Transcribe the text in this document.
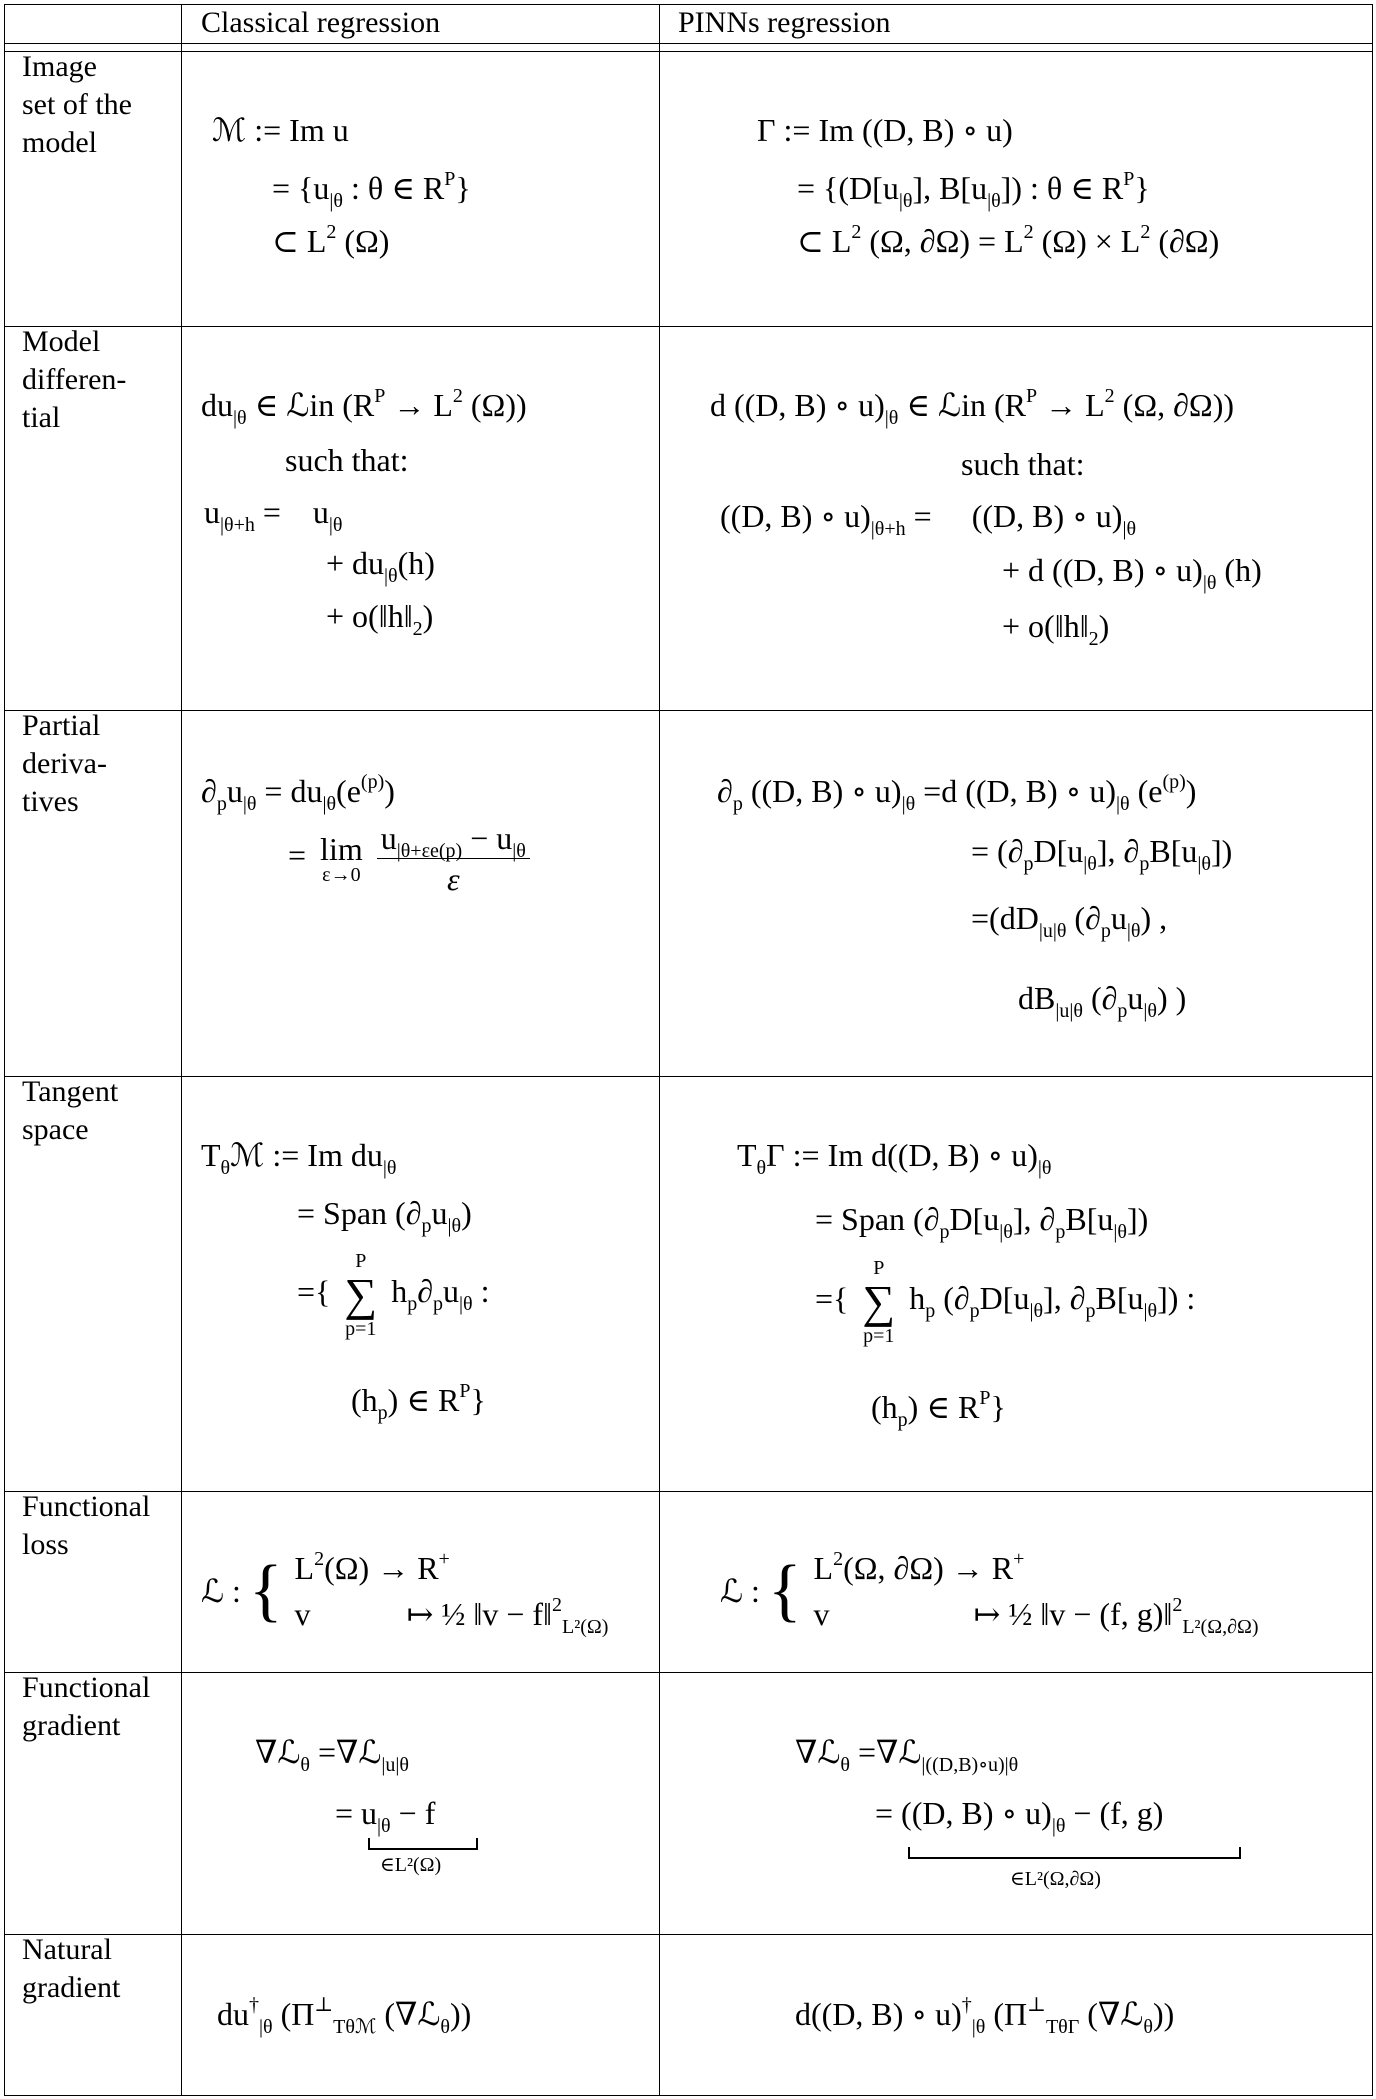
Classical regression	PINNs regression
Image
set of the
model
Model
differen-
tial
Partial
deriva-
tives
Tangent
space
Functional
loss
Functional
gradient
Natural
gradient
ℳ := Im u
= {$u_{|\theta}$ : θ ∈ $R^P$}
⊂ $L^2$ (Ω)
Γ := Im ((D, B) ∘ u)
= {($D[u_{|\theta}]$, $B[u_{|\theta}]$) : θ ∈ $R^P$}
⊂ $L^2$ (Ω, $\partial\Omega) = L^2$ $(\Omega) \times L^2$ (∂Ω)
$du_{|\theta}$ ∈ ℒin ($R^P \to L^2$ (Ω))
such that:
$u_{|\theta+h}$ =    $u_{|\theta}$
+ $du_{|\theta}(h)$
+ $o(‖h‖_2)$
d ((D, B) ∘ $u)_{|\theta}$ ∈ ℒin ($R^P \to L^2$ (Ω, ∂Ω))
such that:
((D, B) ∘ $u)_{|\theta+h}$ =     ((D, B) ∘ $u)_{|\theta}$
+ d ((D, B) ∘ $u)_{|\theta}$ (h)
+ $o(‖h‖_2)$
$\partial_pu_{|\theta} = du_{|\theta}(e^{(p)})$
= lim
ε→0
$\frac{u_{|\theta+\varepsilon e(p)} - u_{|\theta}}{\varepsilon}$
$\partial_p$ ((D, B) ∘ $u)_{|\theta} =d$ ((D, B) ∘ $u)_{|\theta}$ $(e^{(p)})$
= ($\partial_pD[u_{|\theta}]$, $\partial_pB[u_{|\theta}]$)
$=(dD_{|u|\theta}$ $(\partial_pu_{|\theta})$ ,
$dB_{|u|\theta}$ $(\partial_pu_{|\theta})$ )
$T_\theta ℳ$ := Im $du_{|\theta}$
= Span $(\partial_pu_{|\theta})$
={
P
∑
p=1
$h_p\partial_pu_{|\theta}$ :
$(h_p)$ ∈ $R^P$}
$T_\theta\Gamma$ := Im d((D, B) ∘ $u)_{|\theta}$
= Span ($\partial_pD[u_{|\theta}]$, $\partial_pB[u_{|\theta}]$)
={
P
∑
p=1
$h_p$ ($\partial_pD[u_{|\theta}]$, $\partial_pB[u_{|\theta}]$) :
$(h_p)$ ∈ $R^P$}
ℒ : { $L^2(\Omega) \to R^+$
v            ↦ ½ ‖v − f‖$^2_{L^2(\Omega)}$
ℒ : { $L^2(\Omega$, ∂Ω) → R+
v                  ↦ ½ ‖v − (f, g)‖$^2_{L^2(\Omega,\partial\Omega)}$
∇ℒ$_\theta$ =∇ℒ$_{|u|\theta}$
= $u_{|\theta} - f$
∈L²(Ω)
∇ℒ$_\theta$ =∇ℒ$_{|((D,B)\circ u)|\theta}$
= ((D, B) ∘ $u)_{|\theta} - (f$, g)
∈L²(Ω,∂Ω)
$du^\dagger_{|\theta}$ ($\Pi^\perp_{T\theta ℳ}$ (∇ℒ$_\theta$))	d((D, B) ∘ $u)^\dagger_{|\theta}$ ($\Pi^\perp_{T\theta\Gamma}$ (∇ℒ$_\theta$))
